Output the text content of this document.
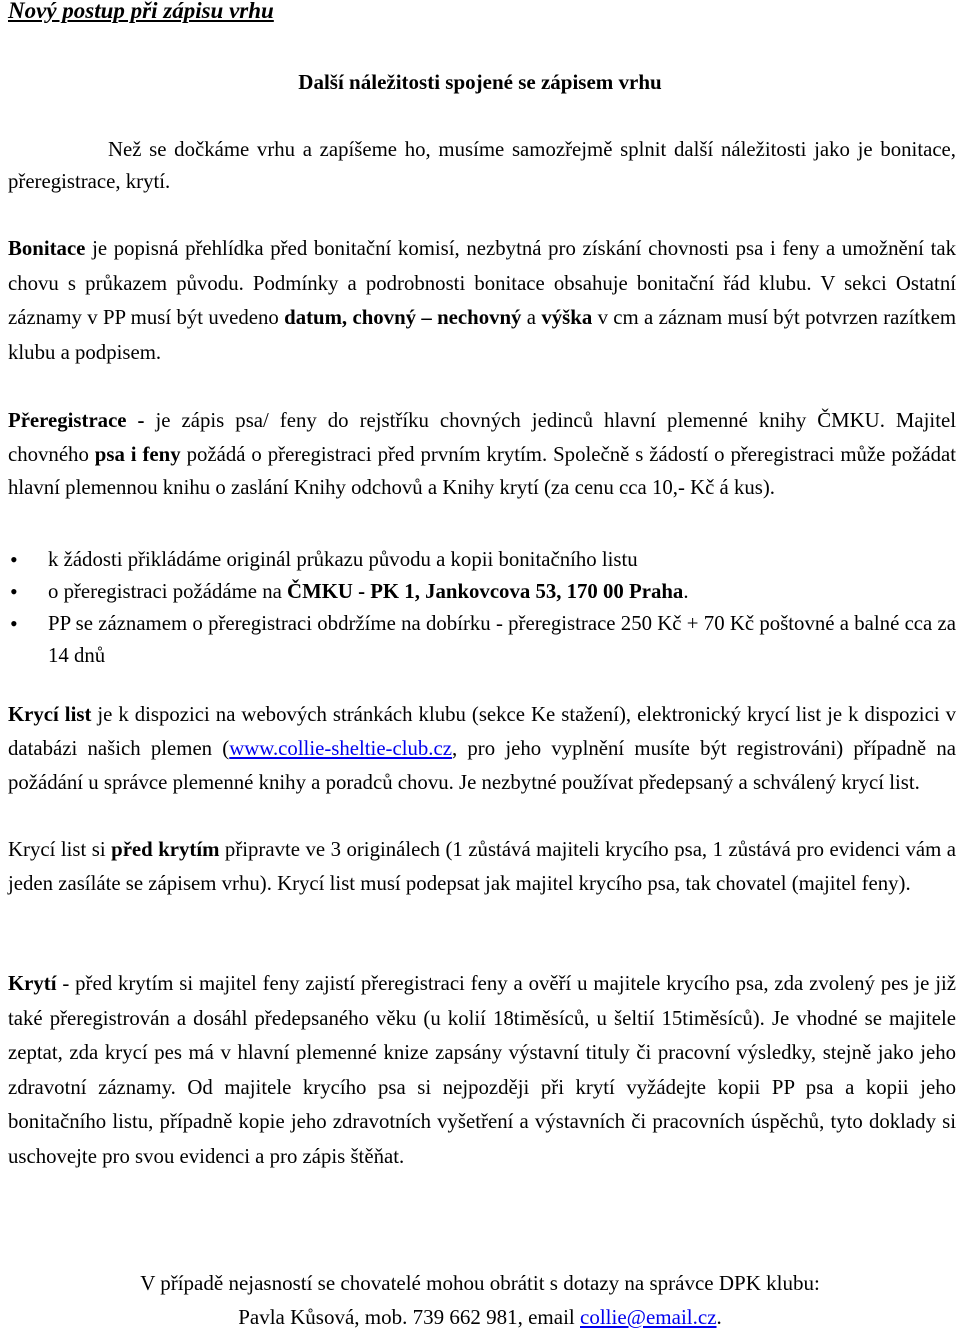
Nový postup při zápisu vrhu
Další náležitosti spojené se zápisem vrhu

Než se dočkáme vrhu a zapíšeme ho, musíme samozřejmě splnit další náležitosti jako je bonitace, přeregistrace, krytí.

Bonitace je popisná přehlídka před bonitační komisí, nezbytná pro získání chovnosti psa i feny a umožnění tak chovu s průkazem původu. Podmínky a podrobnosti bonitace obsahuje bonitační řád klubu. V sekci Ostatní záznamy v PP musí být uvedeno datum, chovný – nechovný a výška v cm a záznam musí být potvrzen razítkem klubu a podpisem.

Přeregistrace - je zápis psa/ feny do rejstříku chovných jedinců hlavní plemenné knihy ČMKU. Majitel chovného psa i feny požádá o přeregistraci před prvním krytím. Společně s žádostí o přeregistraci může požádat hlavní plemennou knihu o zaslání Knihy odchovů a Knihy krytí (za cenu cca 10,- Kč á kus).

• k žádosti přikládáme originál průkazu původu a kopii bonitačního listu
• o přeregistraci požádáme na ČMKU - PK 1, Jankovcova 53, 170 00 Praha.
• PP se záznamem o přeregistraci obdržíme na dobírku - přeregistrace 250 Kč + 70 Kč poštovné a balné cca za 14 dnů

Krycí list je k dispozici na webových stránkách klubu (sekce Ke stažení), elektronický krycí list je k dispozici v databázi našich plemen (www.collie-sheltie-club.cz, pro jeho vyplnění musíte být registrováni) případně na požádání u správce plemenné knihy a poradců chovu. Je nezbytné používat předepsaný a schválený krycí list.

Krycí list si před krytím připravte ve 3 originálech (1 zůstává majiteli krycího psa, 1 zůstává pro evidenci vám a jeden zasíláte se zápisem vrhu). Krycí list musí podepsat jak majitel krycího psa, tak chovatel (majitel feny).

Krytí - před krytím si majitel feny zajistí přeregistraci feny a ověří u majitele krycího psa, zda zvolený pes je již také přeregistrován a dosáhl předepsaného věku (u kolií 18timěsíců, u šeltií 15timěsíců). Je vhodné se majitele zeptat, zda krycí pes má v hlavní plemenné knize zapsány výstavní tituly či pracovní výsledky, stejně jako jeho zdravotní záznamy. Od majitele krycího psa si nejpozději při krytí vyžádejte kopii PP psa a kopii jeho bonitačního listu, případně kopie jeho zdravotních vyšetření a výstavních či pracovních úspěchů, tyto doklady si uschovejte pro svou evidenci a pro zápis štěňat.

V případě nejasností se chovatelé mohou obrátit s dotazy na správce DPK klubu:
Pavla Kůsová, mob. 739 662 981, email collie@email.cz.
